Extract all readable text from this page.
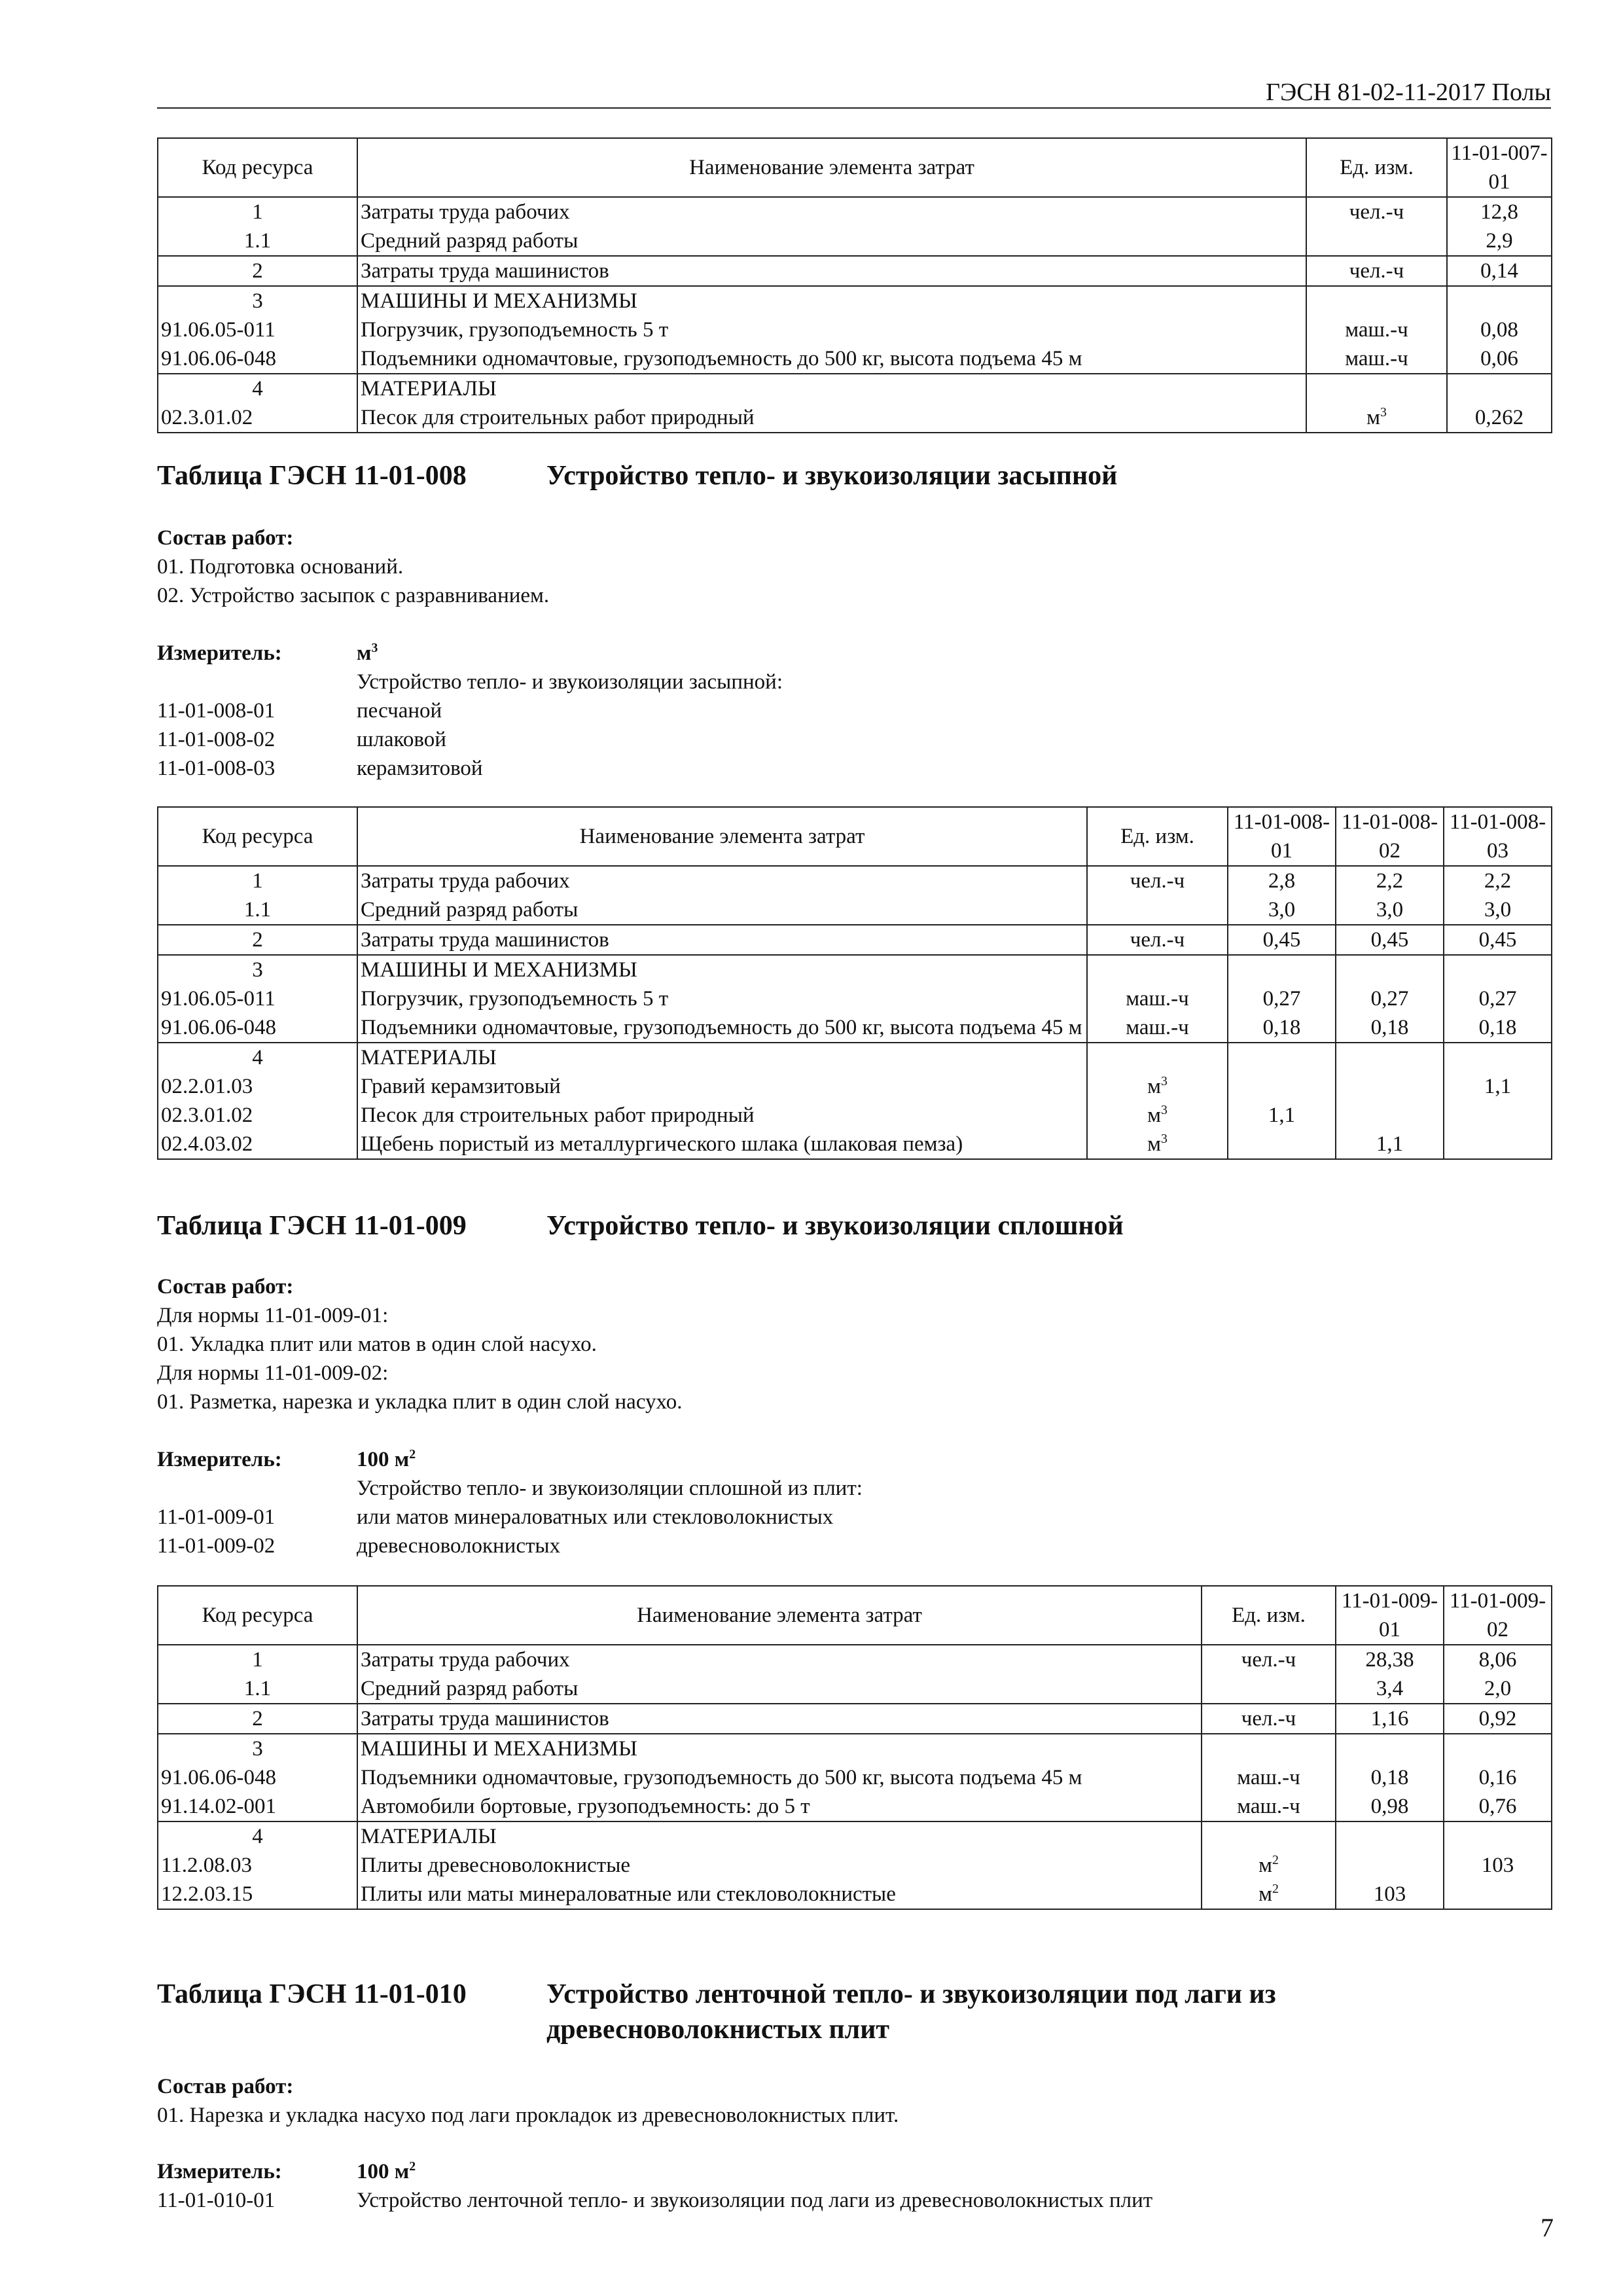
ГЭСН 81-02-11-2017 Полы
Код ресурса	Наименование элемента затрат	Ед. изм.	11-01-007-01
1	Затраты труда рабочих	чел.-ч	12,8
1.1	Средний разряд работы		2,9
2	Затраты труда машинистов	чел.-ч	0,14
3	МАШИНЫ И МЕХАНИЗМЫ		
91.06.05-011	Погрузчик, грузоподъемность 5 т	маш.-ч	0,08
91.06.06-048	Подъемники одномачтовые, грузоподъемность до 500 кг, высота подъема 45 м	маш.-ч	0,06
4	МАТЕРИАЛЫ		
02.3.01.02	Песок для строительных работ природный	$м^3$	0,262
Таблица ГЭСН 11-01-008	Устройство тепло- и звукоизоляции засыпной
Состав работ:
01. Подготовка оснований.
02. Устройство засыпок с разравниванием.
Измеритель:	$м^3$
Устройство тепло- и звукоизоляции засыпной:
11-01-008-01	песчаной
11-01-008-02	шлаковой
11-01-008-03	керамзитовой
Код ресурса	Наименование элемента затрат	Ед. изм.	11-01-008-01	11-01-008-02	11-01-008-03
1	Затраты труда рабочих	чел.-ч	2,8	2,2	2,2
1.1	Средний разряд работы		3,0	3,0	3,0
2	Затраты труда машинистов	чел.-ч	0,45	0,45	0,45
3	МАШИНЫ И МЕХАНИЗМЫ				
91.06.05-011	Погрузчик, грузоподъемность 5 т	маш.-ч	0,27	0,27	0,27
91.06.06-048	Подъемники одномачтовые, грузоподъемность до 500 кг, высота подъема 45 м	маш.-ч	0,18	0,18	0,18
4	МАТЕРИАЛЫ				
02.2.01.03	Гравий керамзитовый	$м^3$			1,1
02.3.01.02	Песок для строительных работ природный	$м^3$	1,1		
02.4.03.02	Щебень пористый из металлургического шлака (шлаковая пемза)	$м^3$		1,1	
Таблица ГЭСН 11-01-009	Устройство тепло- и звукоизоляции сплошной
Состав работ:
Для нормы 11-01-009-01:
01. Укладка плит или матов в один слой насухо.
Для нормы 11-01-009-02:
01. Разметка, нарезка и укладка плит в один слой насухо.
Измеритель:	100 $м^2$
Устройство тепло- и звукоизоляции сплошной из плит:
11-01-009-01	или матов минераловатных или стекловолокнистых
11-01-009-02	древесноволокнистых
Код ресурса	Наименование элемента затрат	Ед. изм.	11-01-009-01	11-01-009-02
1	Затраты труда рабочих	чел.-ч	28,38	8,06
1.1	Средний разряд работы		3,4	2,0
2	Затраты труда машинистов	чел.-ч	1,16	0,92
3	МАШИНЫ И МЕХАНИЗМЫ			
91.06.06-048	Подъемники одномачтовые, грузоподъемность до 500 кг, высота подъема 45 м	маш.-ч	0,18	0,16
91.14.02-001	Автомобили бортовые, грузоподъемность: до 5 т	маш.-ч	0,98	0,76
4	МАТЕРИАЛЫ			
11.2.08.03	Плиты древесноволокнистые	$м^2$		103
12.2.03.15	Плиты или маты минераловатные или стекловолокнистые	$м^2$	103	
Таблица ГЭСН 11-01-010	Устройство ленточной тепло- и звукоизоляции под лаги из
древесноволокнистых плит
Состав работ:
01. Нарезка и укладка насухо под лаги прокладок из древесноволокнистых плит.
Измеритель:	100 $м^2$
11-01-010-01	Устройство ленточной тепло- и звукоизоляции под лаги из древесноволокнистых плит
7
